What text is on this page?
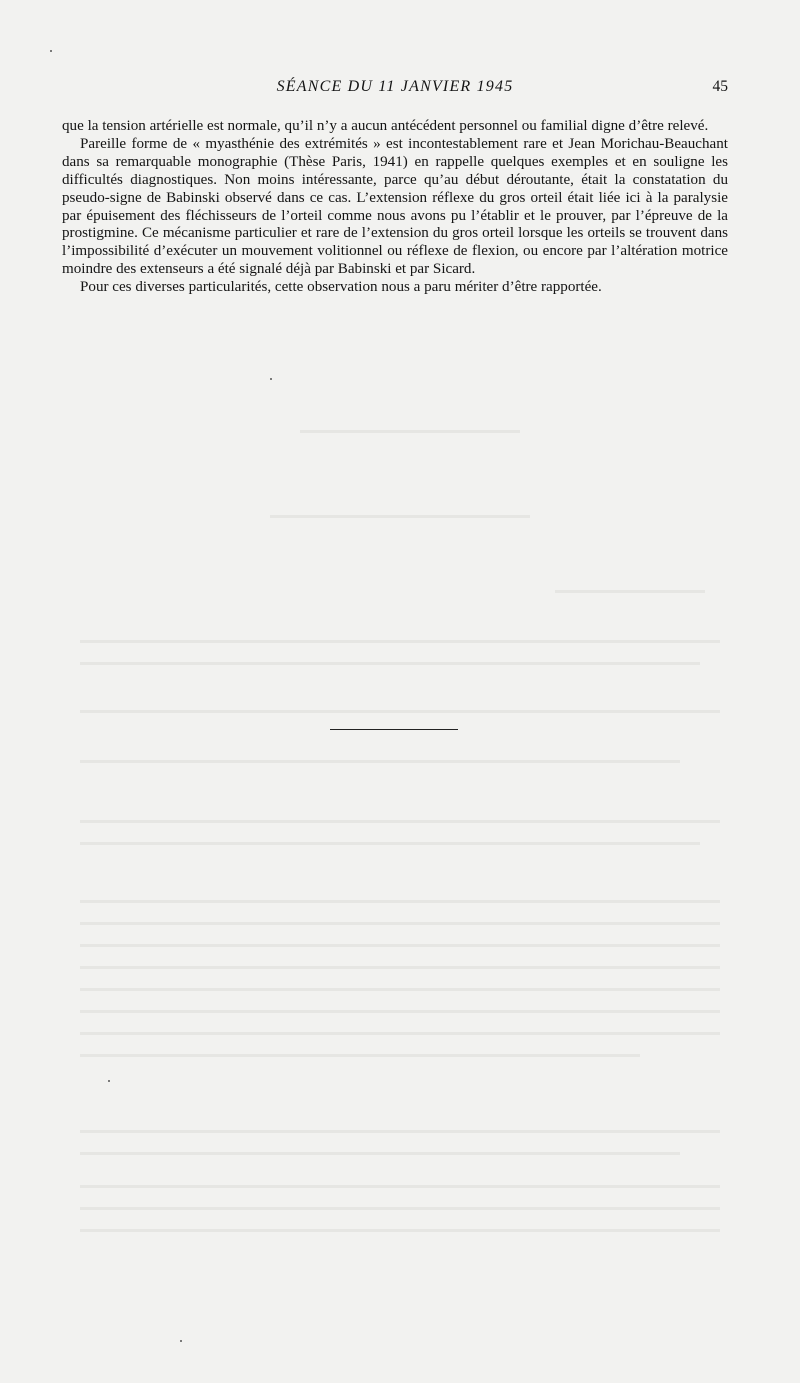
SÉANCE DU 11 JANVIER 1945	45

que la tension artérielle est normale, qu’il n’y a aucun antécédent personnel ou familial digne d’être relevé.

Pareille forme de « myasthénie des extrémités » est incontestablement rare et Jean Morichau-Beauchant dans sa remarquable monographie (Thèse Paris, 1941) en rappelle quelques exemples et en souligne les difficultés diagnostiques. Non moins intéressante, parce qu’au début déroutante, était la constatation du pseudo-signe de Babinski observé dans ce cas. L’extension réflexe du gros orteil était liée ici à la paralysie par épuisement des fléchisseurs de l’orteil comme nous avons pu l’établir et le prouver, par l’épreuve de la prostigmine. Ce mécanisme particulier et rare de l’extension du gros orteil lorsque les orteils se trouvent dans l’impossibilité d’exécuter un mouvement volitionnel ou réflexe de flexion, ou encore par l’altération motrice moindre des extenseurs a été signalé déjà par Babinski et par Sicard.

Pour ces diverses particularités, cette observation nous a paru mériter d’être rapportée.
